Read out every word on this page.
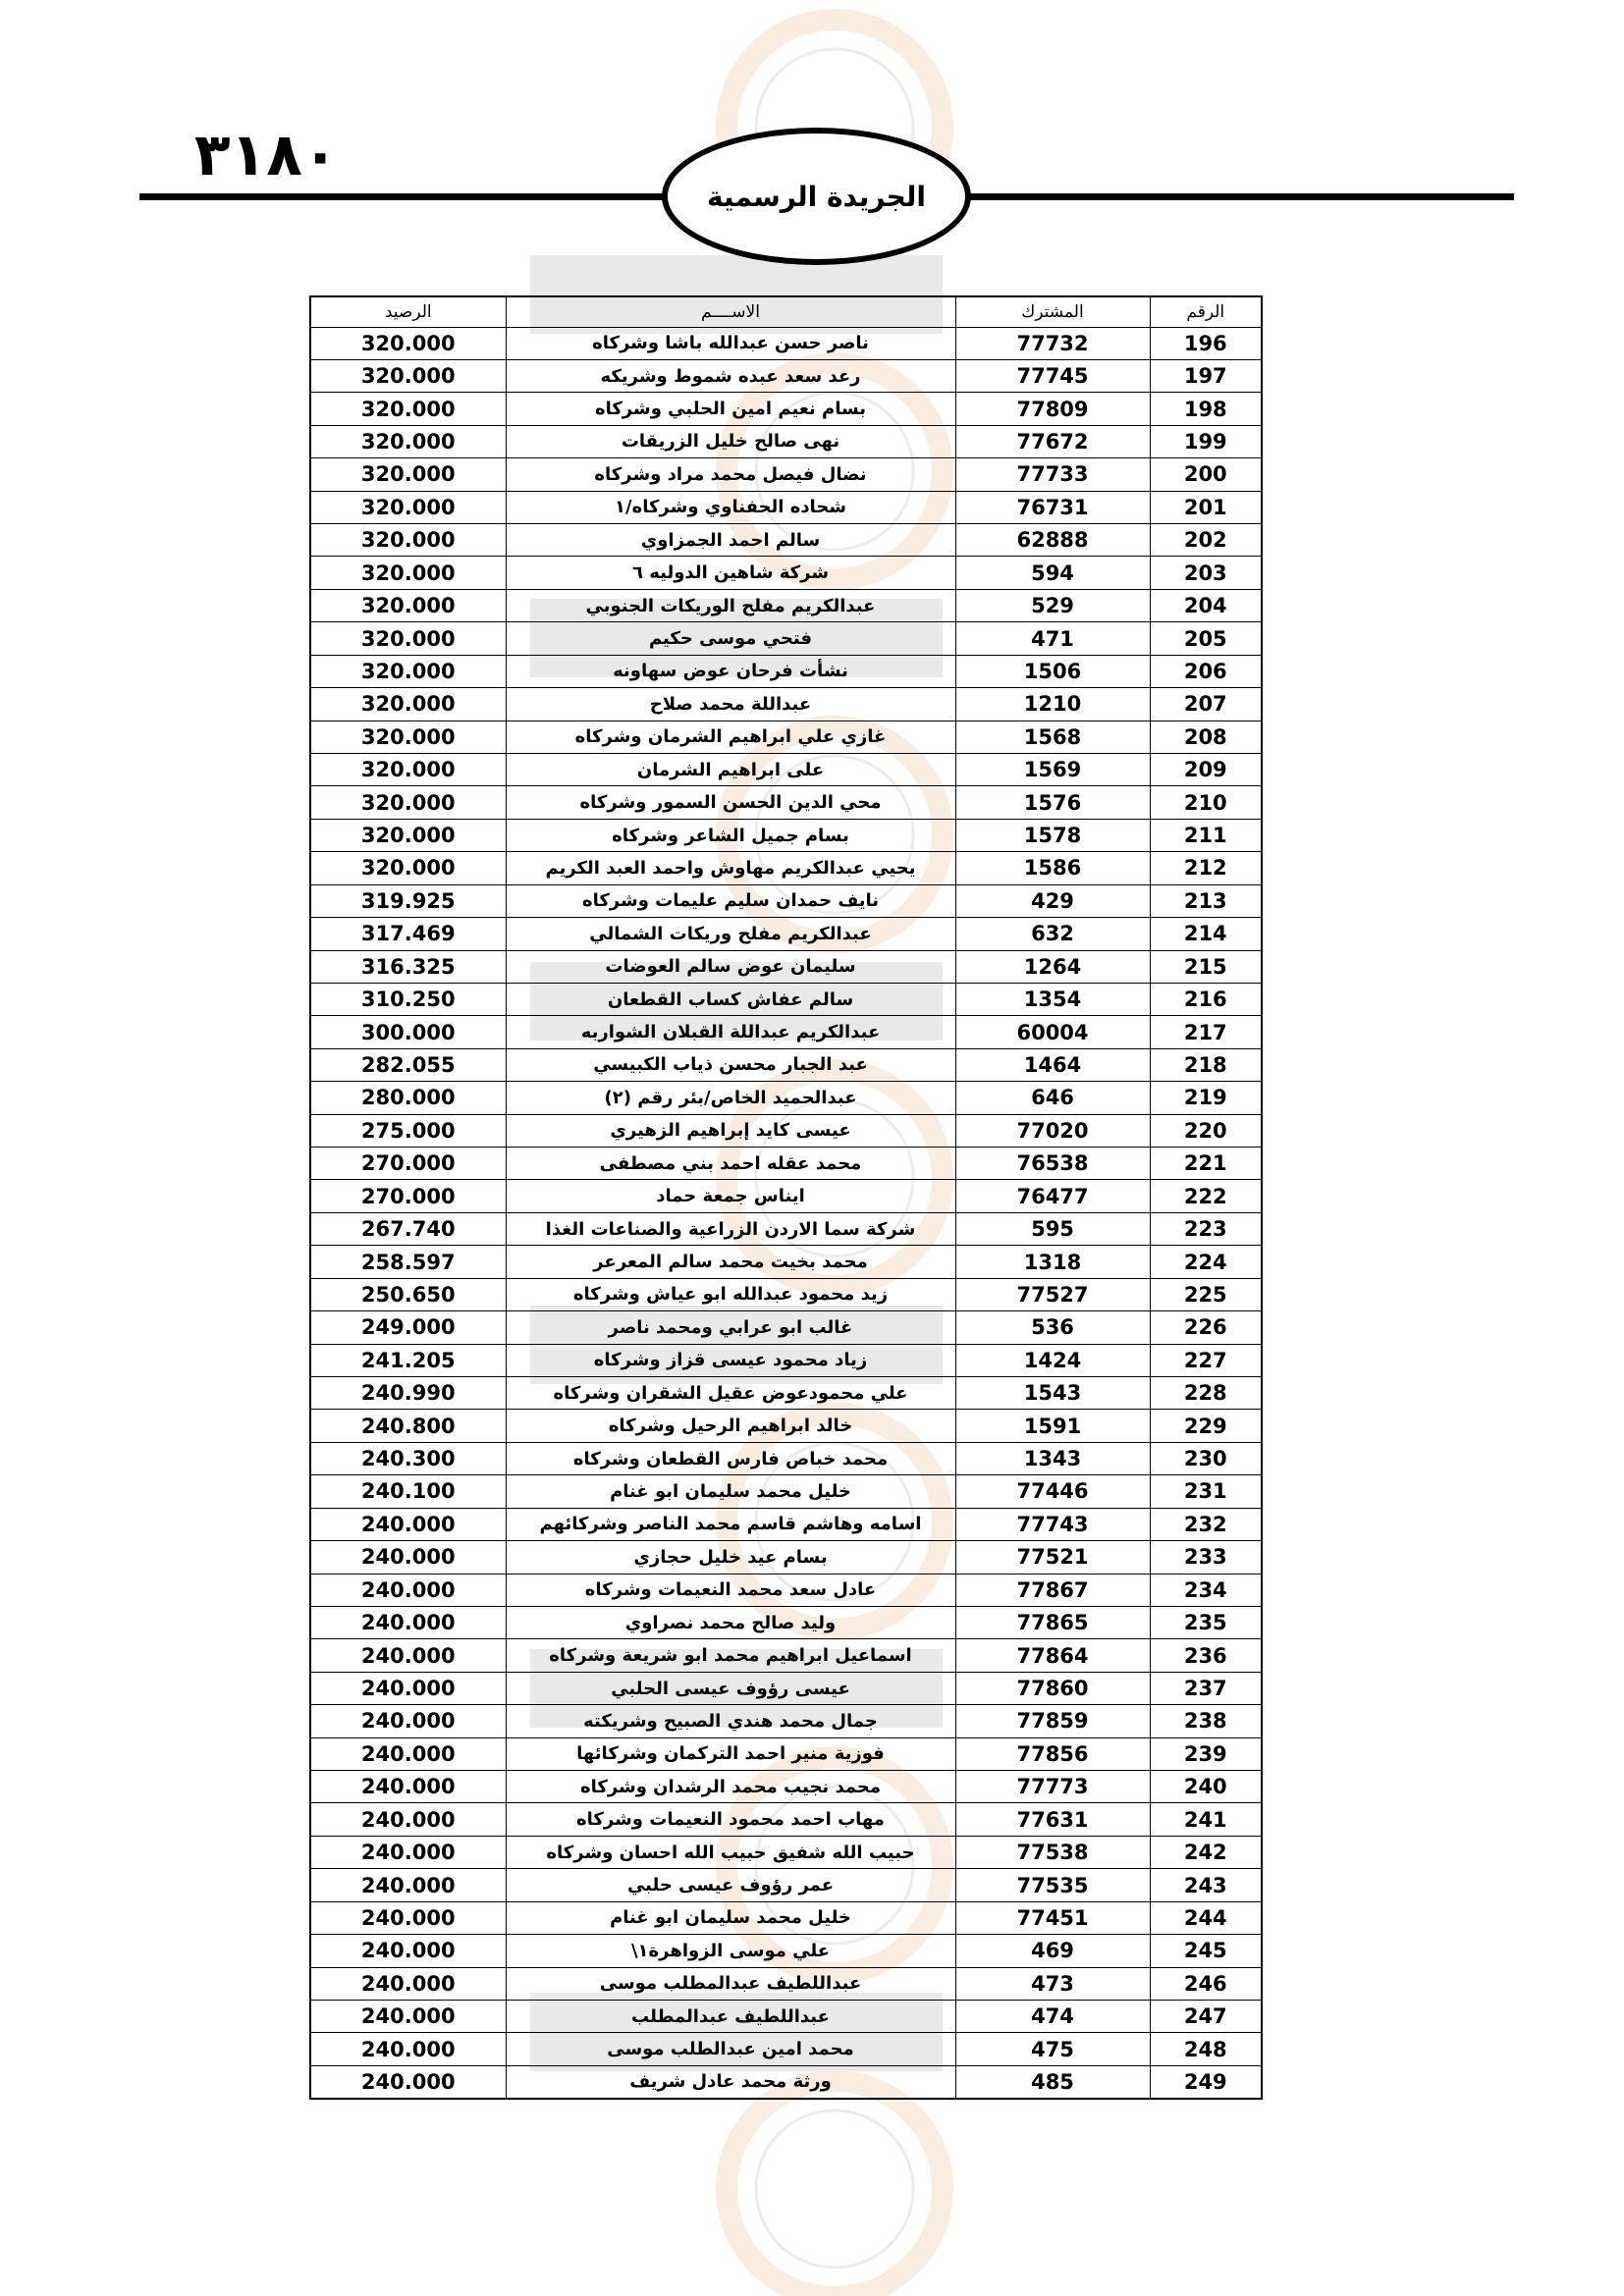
٣١٨٠
الجريدة الرسمية
الرصيد	الاســــم	المشترك	الرقم
320.000	ناصر حسن عبدالله باشا وشركاه	77732	196
320.000	رعد سعد عبده شموط وشريكه	77745	197
320.000	بسام نعيم امين الحلبي وشركاه	77809	198
320.000	نهى صالح خليل الزريقات	77672	199
320.000	نضال فيصل محمد مراد وشركاه	77733	200
320.000	شحاده الحفناوي وشركاه/١	76731	201
320.000	سالم احمد الجمزاوي	62888	202
320.000	شركة شاهين الدوليه ٦	594	203
320.000	عبدالكريم مفلح الوريكات الجنوبي	529	204
320.000	فتحي موسى حكيم	471	205
320.000	نشأت فرحان عوض سهاونه	1506	206
320.000	عبداللة محمد صلاح	1210	207
320.000	غازي علي ابراهيم الشرمان وشركاه	1568	208
320.000	على ابراهيم الشرمان	1569	209
320.000	محي الدين الحسن السمور وشركاه	1576	210
320.000	بسام جميل الشاعر وشركاه	1578	211
320.000	يحيي عبدالكريم مهاوش واحمد العبد الكريم	1586	212
319.925	نايف حمدان سليم عليمات وشركاه	429	213
317.469	عبدالكريم مفلح وريكات الشمالي	632	214
316.325	سليمان عوض سالم العوضات	1264	215
310.250	سالم عفاش كساب القطعان	1354	216
300.000	عبدالكريم عبداللة القبلان الشواربه	60004	217
282.055	عبد الجبار محسن ذياب الكبيسي	1464	218
280.000	عبدالحميد الخاص/بئر رقم (٢)	646	219
275.000	عيسى كايد إبراهيم الزهيري	77020	220
270.000	محمد عقله احمد بني مصطفى	76538	221
270.000	ايناس جمعة حماد	76477	222
267.740	شركة سما الاردن الزراعية والصناعات الغذا	595	223
258.597	محمد بخيت محمد سالم المعرعر	1318	224
250.650	زيد محمود عبدالله ابو عياش وشركاه	77527	225
249.000	غالب ابو عرابي ومحمد ناصر	536	226
241.205	زياد محمود عيسى قزاز وشركاه	1424	227
240.990	علي محمودعوض عقيل الشقران وشركاه	1543	228
240.800	خالد ابراهيم الرحيل وشركاه	1591	229
240.300	محمد خباص فارس القطعان وشركاه	1343	230
240.100	خليل محمد سليمان ابو غنام	77446	231
240.000	اسامه وهاشم قاسم محمد الناصر وشركائهم	77743	232
240.000	بسام عيد خليل حجازي	77521	233
240.000	عادل سعد محمد النعيمات وشركاه	77867	234
240.000	وليد صالح محمد نصراوي	77865	235
240.000	اسماعيل ابراهيم محمد ابو شريعة وشركاه	77864	236
240.000	عيسى رؤوف عيسى الحلبي	77860	237
240.000	جمال محمد هندي الصبيح وشريكته	77859	238
240.000	فوزية منير احمد التركمان وشركائها	77856	239
240.000	محمد نجيب محمد الرشدان وشركاه	77773	240
240.000	مهاب احمد محمود النعيمات وشركاه	77631	241
240.000	حبيب الله شفيق حبيب الله احسان وشركاه	77538	242
240.000	عمر رؤوف عيسى حلبي	77535	243
240.000	خليل محمد سليمان ابو غنام	77451	244
240.000	علي موسى الزواهرة١\	469	245
240.000	عبداللطيف عبدالمطلب موسى	473	246
240.000	عبداللطيف عبدالمطلب	474	247
240.000	محمد امين عبدالطلب موسى	475	248
240.000	ورثة محمد عادل شريف	485	249
